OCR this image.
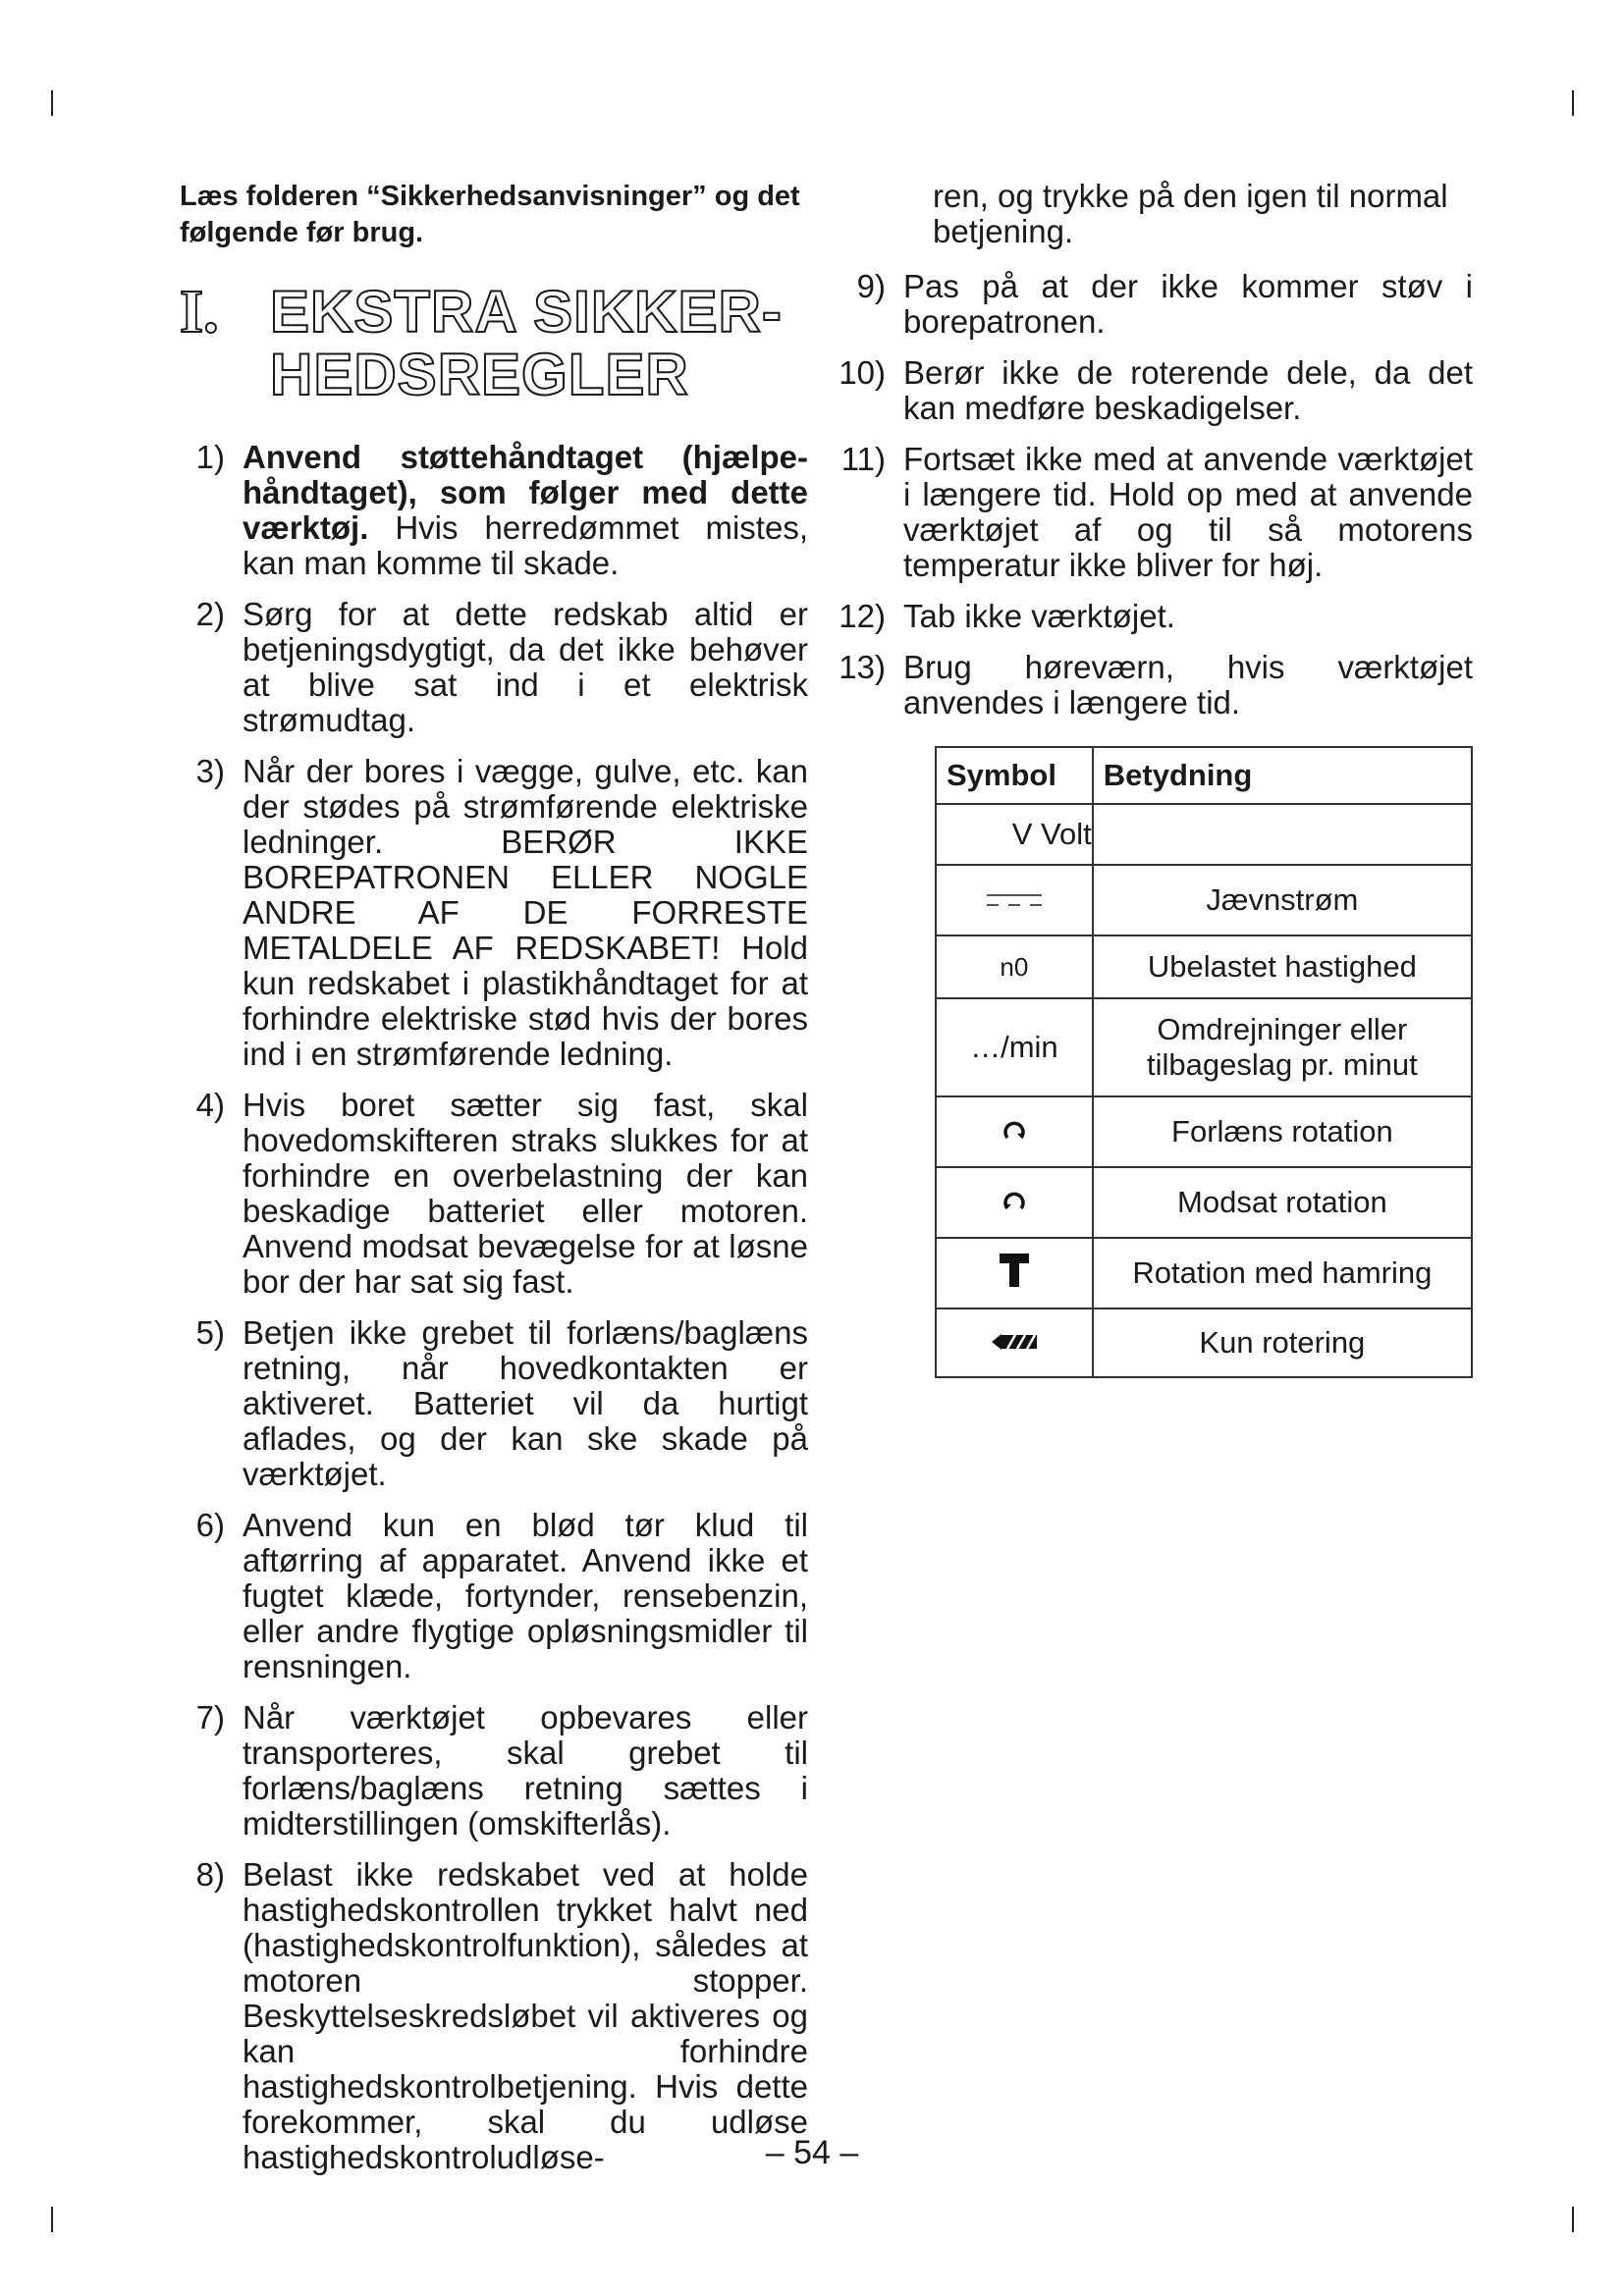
Læs folderen “Sikkerhedsanvisninger” og det følgende før brug.

I. EKSTRA SIKKER-
HEDSREGLER
1) Anvend støttehåndtaget (hjælpe-håndtaget), som følger med dette værktøj. Hvis herredømmet mistes, kan man komme til skade.
2) Sørg for at dette redskab altid er betjeningsdygtigt, da det ikke behøver at blive sat ind i et elektrisk strømudtag.
3) Når der bores i vægge, gulve, etc. kan der stødes på strømførende elektriske ledninger. BERØR IKKE BOREPATRONEN ELLER NOGLE ANDRE AF DE FORRESTE METALDELE AF REDSKABET! Hold kun redskabet i plastikhåndtaget for at forhindre elektriske stød hvis der bores ind i en strømførende ledning.
4) Hvis boret sætter sig fast, skal hovedomskifteren straks slukkes for at forhindre en overbelastning der kan beskadige batteriet eller motoren. Anvend modsat bevægelse for at løsne bor der har sat sig fast.
5) Betjen ikke grebet til forlæns/baglæns retning, når hovedkontakten er aktiveret. Batteriet vil da hurtigt aflades, og der kan ske skade på værktøjet.
6) Anvend kun en blød tør klud til aftørring af apparatet. Anvend ikke et fugtet klæde, fortynder, rensebenzin, eller andre flygtige opløsningsmidler til rensningen.
7) Når værktøjet opbevares eller transporteres, skal grebet til forlæns/baglæns retning sættes i midterstillingen (omskifterlås).
8) Belast ikke redskabet ved at holde hastighedskontrollen trykket halvt ned (hastighedskontrolfunktion), således at motoren stopper. Beskyttelseskredsløbet vil aktiveres og kan forhindre hastighedskontrolbetjening. Hvis dette forekommer, skal du udløse hastighedskontroludløse-

ren, og trykke på den igen til normal betjening.

9) Pas på at der ikke kommer støv i borepatronen.
10) Berør ikke de roterende dele, da det kan medføre beskadigelser.
11) Fortsæt ikke med at anvende værktøjet i længere tid. Hold op med at anvende værktøjet af og til så motorens temperatur ikke bliver for høj.
12) Tab ikke værktøjet.
13) Brug høreværn, hvis værktøjet anvendes i længere tid.
Symbol	Betydning
V Volt	
	Jævnstrøm
n0	Ubelastet hastighed
…/min	Omdrejninger eller tilbageslag pr. minut
	Forlæns rotation
	Modsat rotation
	Rotation med hamring
	Kun rotering
– 54 –
